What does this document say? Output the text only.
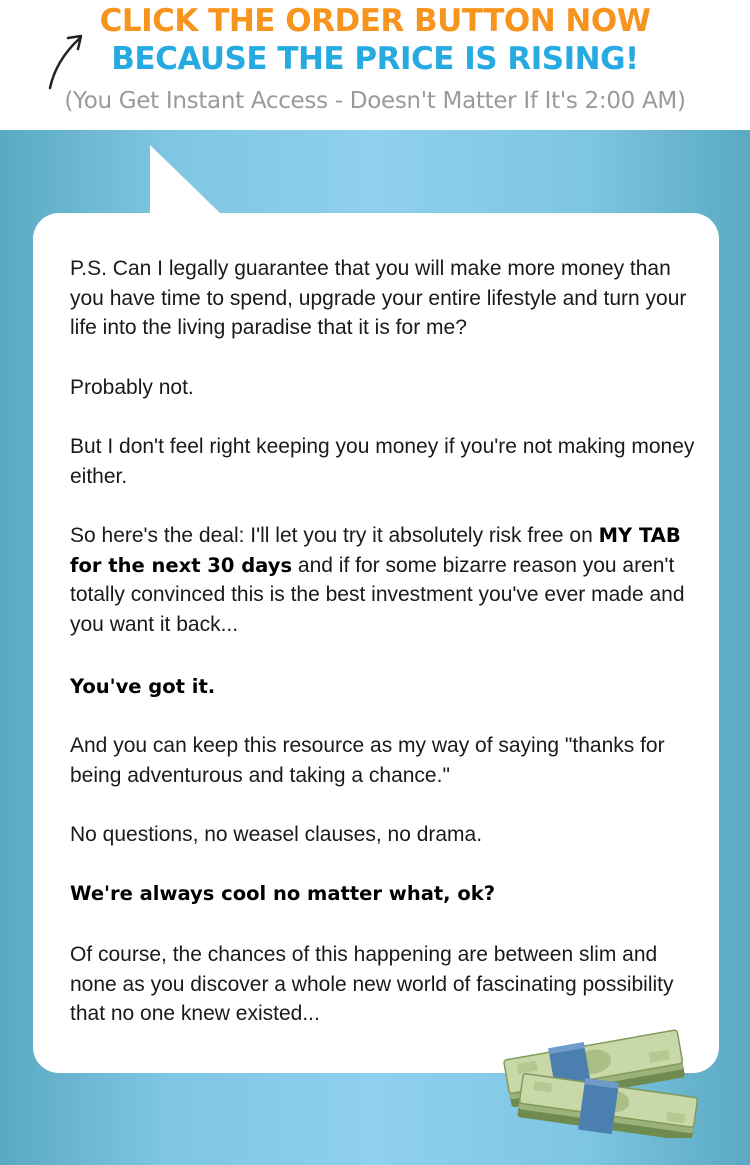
CLICK THE ORDER BUTTON NOW
BECAUSE THE PRICE IS RISING!
(You Get Instant Access - Doesn't Matter If It's 2:00 AM)
P.S. Can I legally guarantee that you will make more money than you have time to spend, upgrade your entire lifestyle and turn your life into the living paradise that it is for me?
Probably not.
But I don't feel right keeping you money if you're not making money either.
So here's the deal: I'll let you try it absolutely risk free on MY TAB for the next 30 days and if for some bizarre reason you aren't totally convinced this is the best investment you've ever made and you want it back...
You've got it.
And you can keep this resource as my way of saying "thanks for being adventurous and taking a chance."
No questions, no weasel clauses, no drama.
We're always cool no matter what, ok?
Of course, the chances of this happening are between slim and none as you discover a whole new world of fascinating possibility that no one knew existed...
